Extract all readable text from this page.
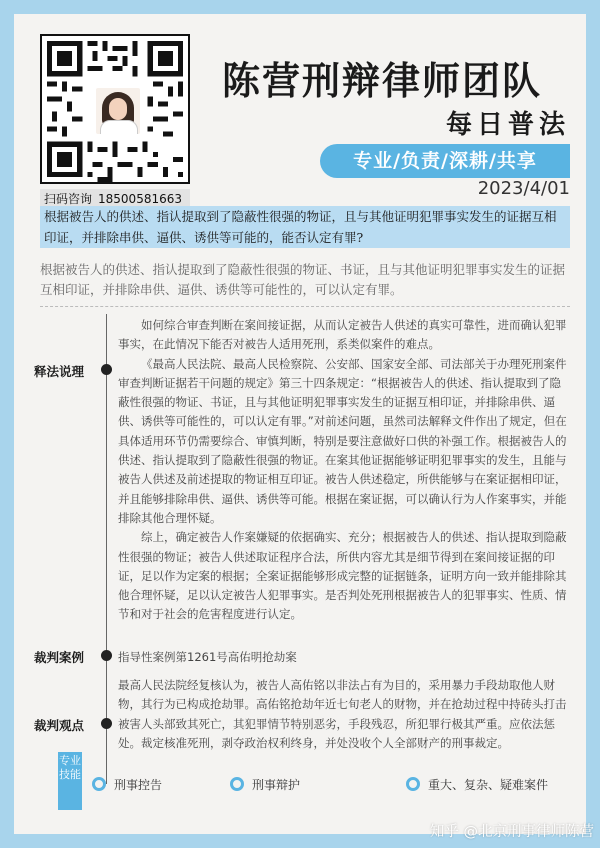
扫码咨询 18500581663
陈营刑辩律师团队
每日普法
专业/负责/深耕/共享
2023/4/01
根据被告人的供述、指认提取到了隐蔽性很强的物证，且与其他证明犯罪事实发生的证据互相印证，并排除串供、逼供、诱供等可能的，能否认定有罪?
根据被告人的供述、指认提取到了隐蔽性很强的物证、书证，且与其他证明犯罪事实发生的证据互相印证，并排除串供、逼供、诱供等可能性的，可以认定有罪。
释法说理
裁判案例
裁判观点

如何综合审查判断在案间接证据，从而认定被告人供述的真实可靠性，进而确认犯罪事实，在此情况下能否对被告人适用死刑，系类似案件的难点。

《最高人民法院、最高人民检察院、公安部、国家安全部、司法部关于办理死刑案件审查判断证据若干问题的规定》第三十四条规定：“根据被告人的供述、指认提取到了隐蔽性很强的物证、书证，且与其他证明犯罪事实发生的证据互相印证，并排除串供、逼供、诱供等可能性的，可以认定有罪。”对前述问题，虽然司法解释文件作出了规定，但在具体适用环节仍需要综合、审慎判断，特别是要注意做好口供的补强工作。根据被告人的供述、指认提取到了隐蔽性很强的物证。在案其他证据能够证明犯罪事实的发生，且能与被告人供述及前述提取的物证相互印证。被告人供述稳定，所供能够与在案证据相印证，并且能够排除串供、逼供、诱供等可能。根据在案证据，可以确认行为人作案事实，并能排除其他合理怀疑。

综上，确定被告人作案嫌疑的依据确实、充分；根据被告人的供述、指认提取到隐蔽性很强的物证；被告人供述取证程序合法，所供内容尤其是细节得到在案间接证据的印证，足以作为定案的根据；全案证据能够形成完整的证据链条，证明方向一致并能排除其他合理怀疑，足以认定被告人犯罪事实。是否判处死刑根据被告人的犯罪事实、性质、情节和对于社会的危害程度进行认定。

指导性案例第1261号高佑明抢劫案

最高人民法院经复核认为，被告人高佑铭以非法占有为目的，采用暴力手段劫取他人财物，其行为已构成抢劫罪。高佑铭抢劫年近七旬老人的财物，并在抢劫过程中持砖头打击被害人头部致其死亡，其犯罪情节特别恶劣，手段残忍，所犯罪行极其严重。应依法惩处。裁定核准死刑，剥夺政治权利终身，并处没收个人全部财产的刑事裁定。

专业技能
刑事控告	刑事辩护	重大、复杂、疑难案件
知乎 @北京刑事律师陈营
